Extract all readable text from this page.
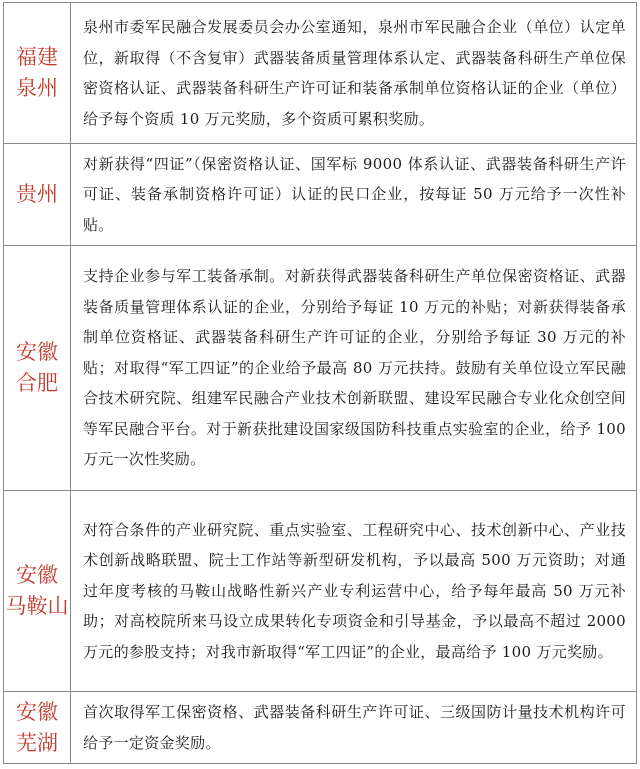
福建
泉州	泉州市委军民融合发展委员会办公室通知，泉州市军民融合企业（单位）认定单位，新取得（不含复审）武器装备质量管理体系认定、武器装备科研生产单位保密资格认证、武器装备科研生产许可证和装备承制单位资格认证的企业（单位）给予每个资质 10 万元奖励，多个资质可累积奖励。

贵州	对新获得“四证”（保密资格认证、国军标 9000 体系认证、武器装备科研生产许可证、装备承制资格许可证）认证的民口企业，按每证 50 万元给予一次性补贴。

安徽
合肥	支持企业参与军工装备承制。对新获得武器装备科研生产单位保密资格证、武器装备质量管理体系认证的企业，分别给予每证 10 万元的补贴；对新获得装备承制单位资格证、武器装备科研生产许可证的企业，分别给予每证 30 万元的补贴；对取得“军工四证”的企业给予最高 80 万元扶持。鼓励有关单位设立军民融合技术研究院、组建军民融合产业技术创新联盟、建设军民融合专业化众创空间等军民融合平台。对于新获批建设国家级国防科技重点实验室的企业，给予 100 万元一次性奖励。

安徽
马鞍山	对符合条件的产业研究院、重点实验室、工程研究中心、技术创新中心、产业技术创新战略联盟、院士工作站等新型研发机构，予以最高 500 万元资助；对通过年度考核的马鞍山战略性新兴产业专利运营中心，给予每年最高 50 万元补助；对高校院所来马设立成果转化专项资金和引导基金，予以最高不超过 2000 万元的参股支持；对我市新取得“军工四证”的企业，最高给予 100 万元奖励。

安徽
芜湖	首次取得军工保密资格、武器装备科研生产许可证、三级国防计量技术机构许可给予一定资金奖励。
